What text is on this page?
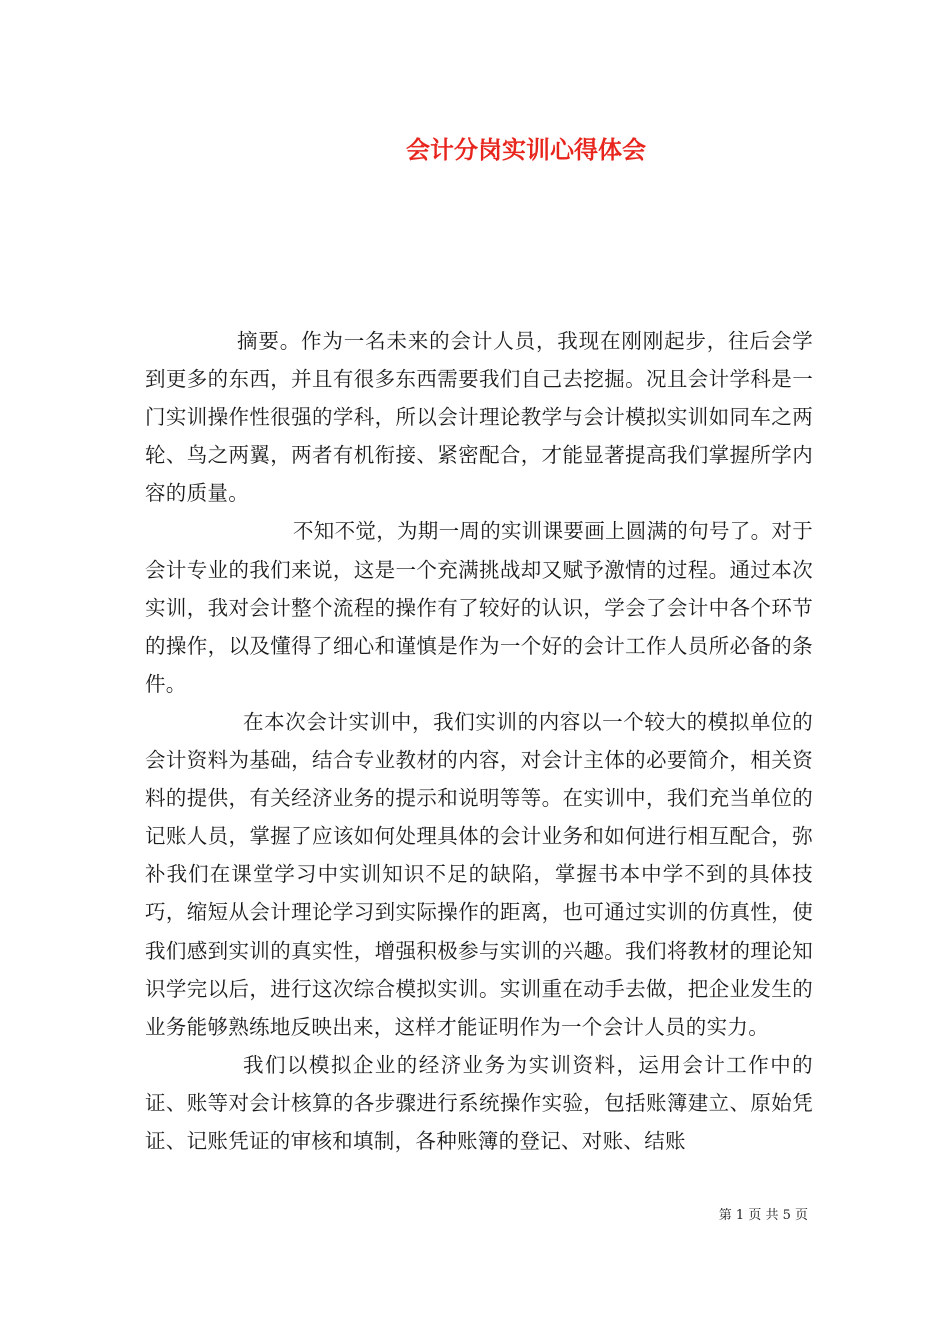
会计分岗实训心得体会

摘要。作为一名未来的会计人员，我现在刚刚起步，往后会学到更多的东西，并且有很多东西需要我们自己去挖掘。况且会计学科是一门实训操作性很强的学科，所以会计理论教学与会计模拟实训如同车之两轮、鸟之两翼，两者有机衔接、紧密配合，才能显著提高我们掌握所学内容的质量。

不知不觉，为期一周的实训课要画上圆满的句号了。对于会计专业的我们来说，这是一个充满挑战却又赋予激情的过程。通过本次实训，我对会计整个流程的操作有了较好的认识，学会了会计中各个环节的操作，以及懂得了细心和谨慎是作为一个好的会计工作人员所必备的条件。

在本次会计实训中，我们实训的内容以一个较大的模拟单位的会计资料为基础，结合专业教材的内容，对会计主体的必要简介，相关资料的提供，有关经济业务的提示和说明等等。在实训中，我们充当单位的记账人员，掌握了应该如何处理具体的会计业务和如何进行相互配合，弥补我们在课堂学习中实训知识不足的缺陷，掌握书本中学不到的具体技巧，缩短从会计理论学习到实际操作的距离，也可通过实训的仿真性，使我们感到实训的真实性，增强积极参与实训的兴趣。我们将教材的理论知识学完以后，进行这次综合模拟实训。实训重在动手去做，把企业发生的业务能够熟练地反映出来，这样才能证明作为一个会计人员的实力。

我们以模拟企业的经济业务为实训资料，运用会计工作中的证、账等对会计核算的各步骤进行系统操作实验，包括账簿建立、原始凭证、记账凭证的审核和填制，各种账簿的登记、对账、结账

第 1 页 共 5 页
